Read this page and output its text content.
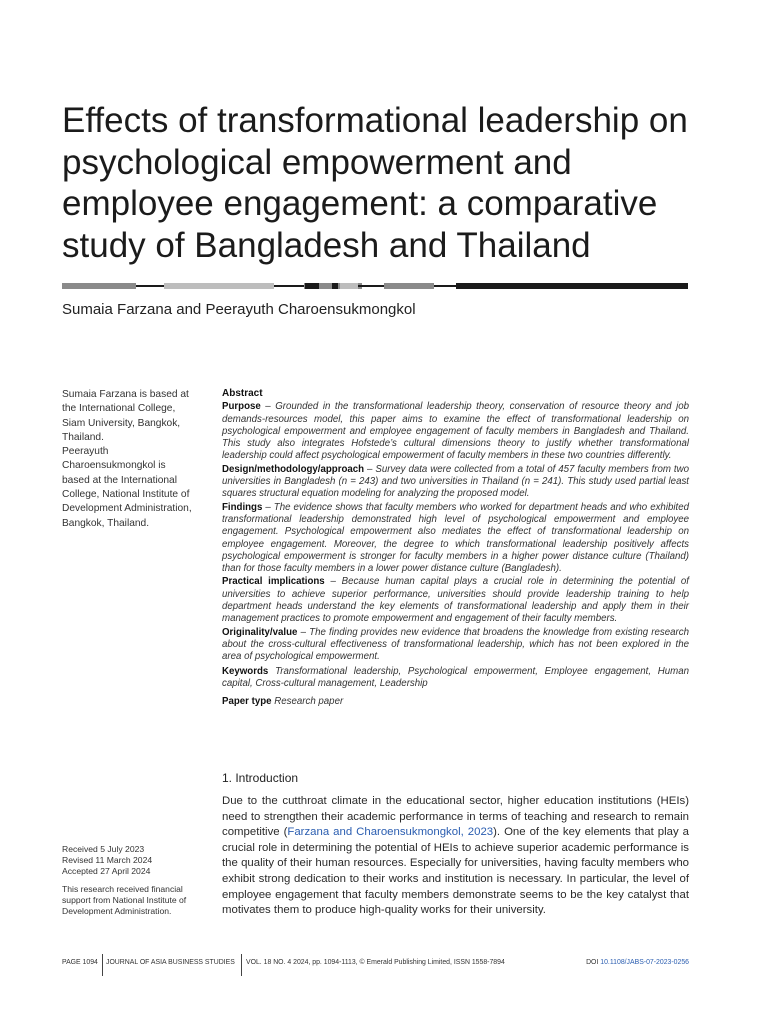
Effects of transformational leadership on psychological empowerment and employee engagement: a comparative study of Bangladesh and Thailand
Sumaia Farzana and Peerayuth Charoensukmongkol

Sumaia Farzana is based at the International College, Siam University, Bangkok, Thailand.

Peerayuth Charoensukmongkol is based at the International College, National Institute of Development Administration, Bangkok, Thailand.

Received 5 July 2023

Revised 11 March 2024

Accepted 27 April 2024

This research received financial support from National Institute of Development Administration.

Abstract

Purpose – Grounded in the transformational leadership theory, conservation of resource theory and job demands-resources model, this paper aims to examine the effect of transformational leadership on psychological empowerment and employee engagement of faculty members in Bangladesh and Thailand. This study also integrates Hofstede’s cultural dimensions theory to justify whether transformational leadership could affect psychological empowerment of faculty members in these two countries differently.

Design/methodology/approach – Survey data were collected from a total of 457 faculty members from two universities in Bangladesh (n = 243) and two universities in Thailand (n = 241). This study used partial least squares structural equation modeling for analyzing the proposed model.

Findings – The evidence shows that faculty members who worked for department heads and who exhibited transformational leadership demonstrated high level of psychological empowerment and employee engagement. Psychological empowerment also mediates the effect of transformational leadership on employee engagement. Moreover, the degree to which transformational leadership positively affects psychological empowerment is stronger for faculty members in a higher power distance culture (Thailand) than for those faculty members in a lower power distance culture (Bangladesh).

Practical implications – Because human capital plays a crucial role in determining the potential of universities to achieve superior performance, universities should provide leadership training to help department heads understand the key elements of transformational leadership and apply them in their management practices to promote empowerment and engagement of their faculty members.

Originality/value – The finding provides new evidence that broadens the knowledge from existing research about the cross-cultural effectiveness of transformational leadership, which has not been explored in the area of psychological empowerment.

Keywords Transformational leadership, Psychological empowerment, Employee engagement, Human capital, Cross-cultural management, Leadership

Paper type Research paper

1. Introduction

Due to the cutthroat climate in the educational sector, higher education institutions (HEIs) need to strengthen their academic performance in terms of teaching and research to remain competitive (Farzana and Charoensukmongkol, 2023). One of the key elements that play a crucial role in determining the potential of HEIs to achieve superior academic performance is the quality of their human resources. Especially for universities, having faculty members who exhibit strong dedication to their works and institution is necessary. In particular, the level of employee engagement that faculty members demonstrate seems to be the key catalyst that motivates them to produce high-quality works for their university.

PAGE 1094 JOURNAL OF ASIA BUSINESS STUDIES VOL. 18 NO. 4 2024, pp. 1094-1113, © Emerald Publishing Limited, ISSN 1558-7894	DOI 10.1108/JABS-07-2023-0256
